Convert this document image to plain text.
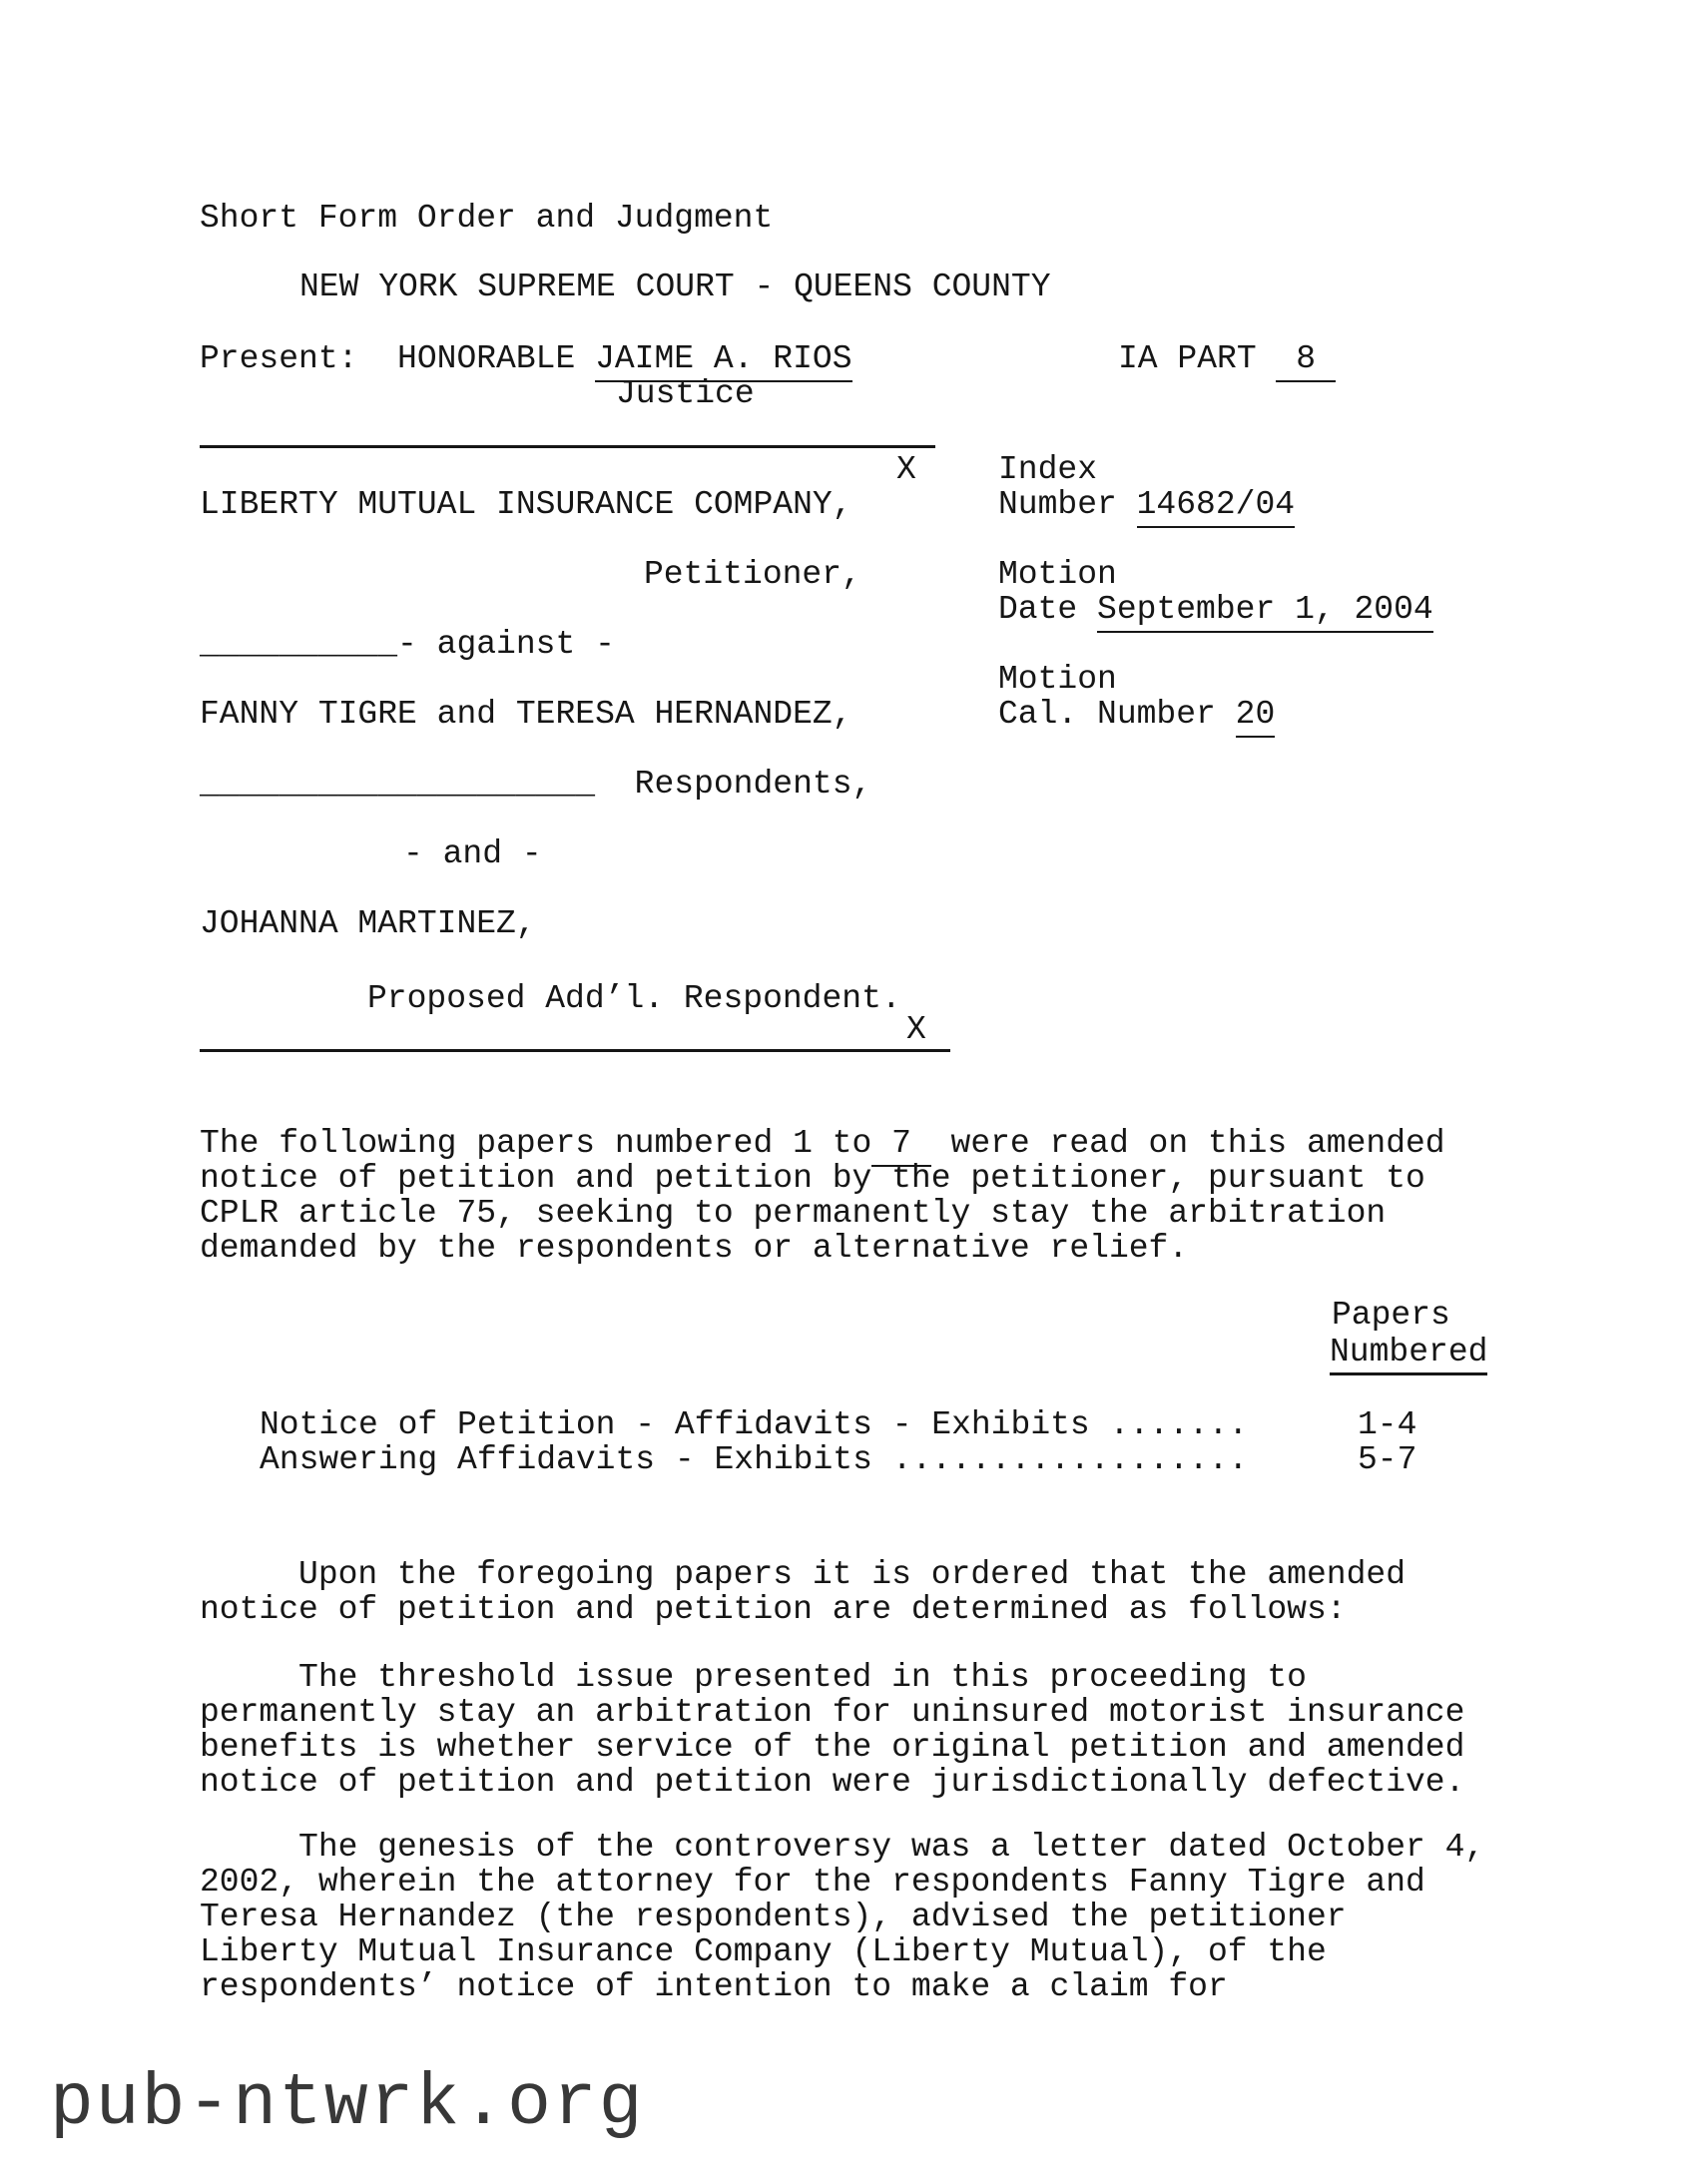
Short Form Order and Judgment
NEW YORK SUPREME COURT - QUEENS COUNTY
Present:  HONORABLE JAIME A. RIOS	IA PART 8
Justice
X
LIBERTY MUTUAL INSURANCE COMPANY,
Petitioner,
__________- against -
FANNY TIGRE and TERESA HERNANDEZ,
____________________  Respondents,
- and -
JOHANNA MARTINEZ,
Proposed Add’l. Respondent.
X
Index
Number 14682/04
Motion
Date September 1, 2004
Motion
Cal. Number 20
The following papers numbered 1 to 7 were read on this amended
notice of petition and petition by the petitioner, pursuant to
CPLR article 75, seeking to permanently stay the arbitration
demanded by the respondents or alternative relief.
Papers
Numbered
Notice of Petition - Affidavits - Exhibits .......	1-4
Answering Affidavits - Exhibits ..................	5-7
Upon the foregoing papers it is ordered that the amended
notice of petition and petition are determined as follows:
The threshold issue presented in this proceeding to
permanently stay an arbitration for uninsured motorist insurance
benefits is whether service of the original petition and amended
notice of petition and petition were jurisdictionally defective.
The genesis of the controversy was a letter dated October 4,
2002, wherein the attorney for the respondents Fanny Tigre and
Teresa Hernandez (the respondents), advised the petitioner
Liberty Mutual Insurance Company (Liberty Mutual), of the
respondents’ notice of intention to make a claim for
pub-ntwrk.org
